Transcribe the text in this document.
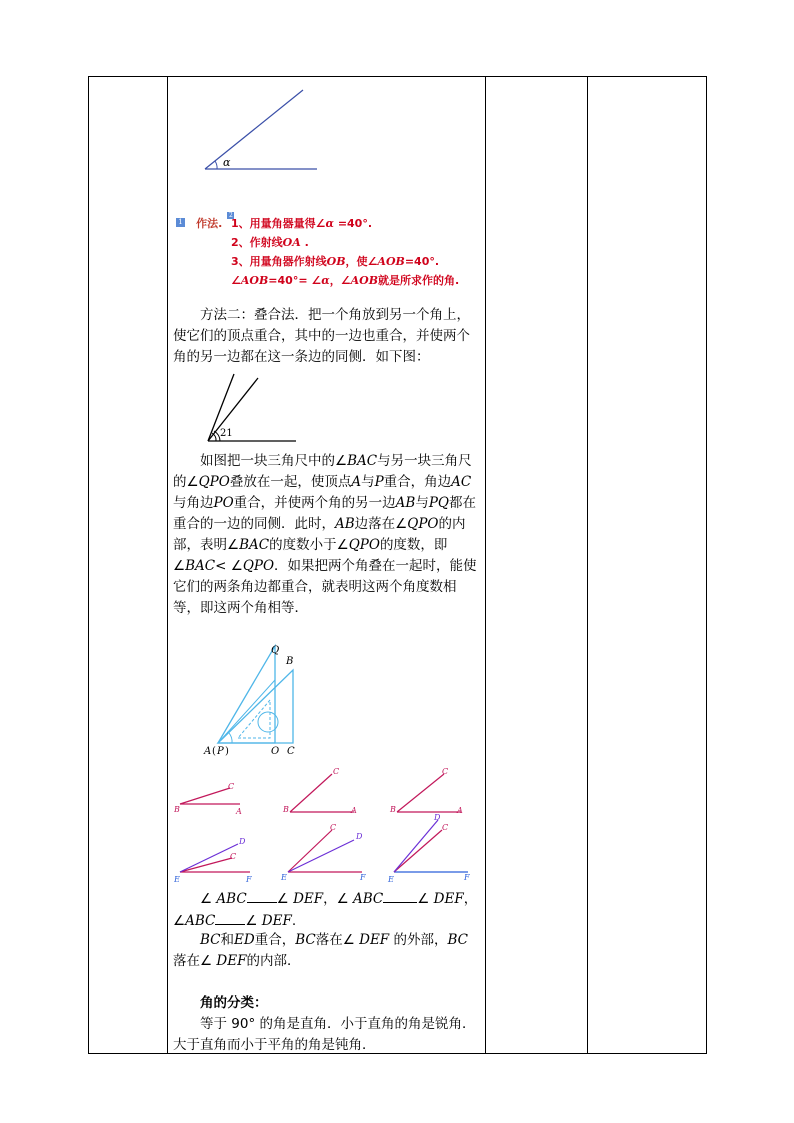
α
1 作法. 2
1、用量角器量得∠α =40°.
2、作射线OA .
3、用量角器作射线OB，使∠AOB=40°.
∠AOB=40°= ∠α，∠AOB就是所求作的角.
方法二：叠合法．把一个角放到另一个角上，使它们的顶点重合，其中的一边也重合，并使两个角的另一边都在这一条边的同侧．如下图：
21
如图把一块三角尺中的∠BAC与另一块三角尺的∠QPO叠放在一起，使顶点A与P重合，角边AC与角边PO重合，并使两个角的另一边AB与PQ都在重合的一边的同侧．此时，AB边落在∠QPO的内部，表明∠BAC的度数小于∠QPO的度数，即∠BAC< ∠QPO．如果把两个角叠在一起时，能使它们的两条角边都重合，就表明这两个角度数相等，即这两个角相等．
Q
B
A ( P )	O C
B	A
C
B	A
C
B	A
C
E	F
C
D
E	F
C
D
E	F
C
D
∠ ABC ∠ DEF，∠ ABC	∠ DEF，∠ABC ∠ DEF.
BC和ED重合，BC落在∠ DEF 的外部，BC落在∠ DEF的内部．
角的分类：
等于 90° 的角是直角．小于直角的角是锐角．大于直角而小于平角的角是钝角．
